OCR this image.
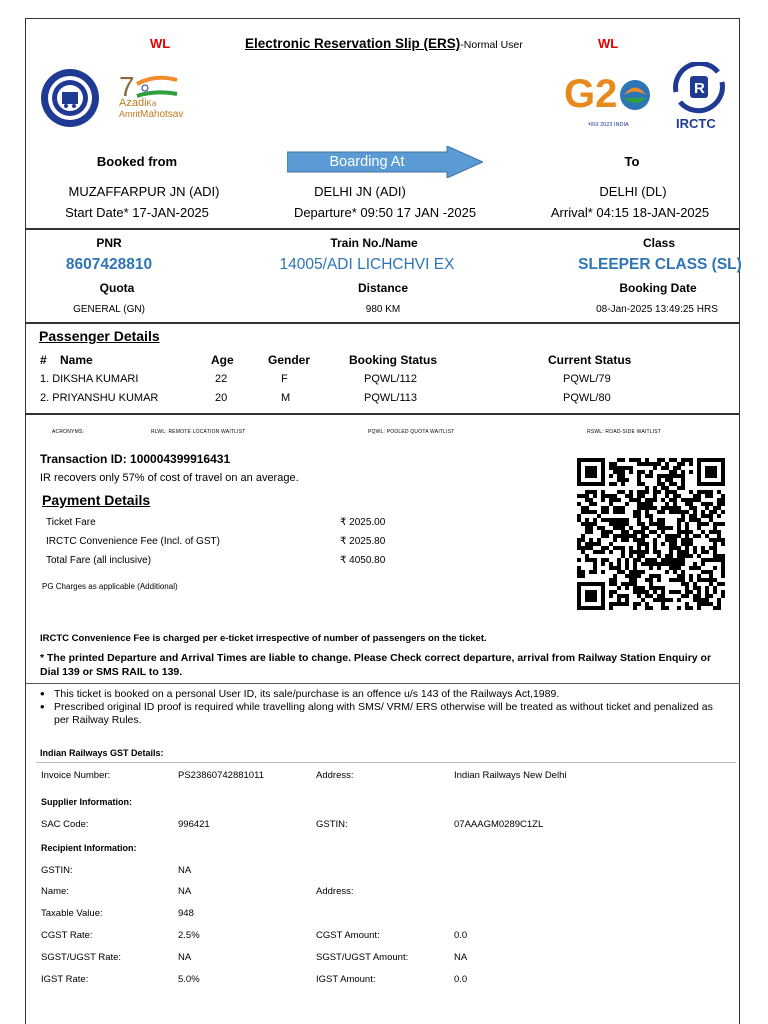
WL	Electronic Reservation Slip (ERS)-Normal User	WL
7
AzadiKa
AmritMahotsav	G2
भारत 2023 INDIA
R
IRCTC
Booked from	Boarding At	To
MUZAFFARPUR JN (ADI)	DELHI JN (ADI)	DELHI (DL)
Start Date* 17-JAN-2025	Departure* 09:50 17 JAN -2025	Arrival* 04:15 18-JAN-2025
PNR	Train No./Name	Class
8607428810	14005/ADI LICHCHVI EX	SLEEPER CLASS (SL)
Quota	Distance	Booking Date
GENERAL (GN)	980 KM	08-Jan-2025 13:49:25 HRS
Passenger Details
# Name	Age	Gender	Booking Status	Current Status
1. DIKSHA KUMARI	22	F	PQWL/112	PQWL/79
2. PRIYANSHU KUMAR	20	M	PQWL/113	PQWL/80
ACRONYMS:	RLWL: REMOTE LOCATION WAITLIST	PQWL: POOLED QUOTA WAITLIST	RSWL: ROAD-SIDE WAITLIST
Transaction ID: 100004399916431
IR recovers only 57% of cost of travel on an average.
Payment Details
Ticket Fare	₹ 2025.00
IRCTC Convenience Fee (Incl. of GST)	₹ 2025.80
Total Fare (all inclusive)	₹ 4050.80
PG Charges as applicable (Additional)
IRCTC Convenience Fee is charged per e-ticket irrespective of number of passengers on the ticket.
* The printed Departure and Arrival Times are liable to change. Please Check correct departure, arrival from Railway Station Enquiry or
Dial 139 or SMS RAIL to 139.
• This ticket is booked on a personal User ID, its sale/purchase is an offence u/s 143 of the Railways Act,1989.
• Prescribed original ID proof is required while travelling along with SMS/ VRM/ ERS otherwise will be treated as without ticket and penalized as per Railway Rules.
Indian Railways GST Details:
Invoice Number:	PS23860742881011	Address:	Indian Railways New Delhi
Supplier Information:
SAC Code:	996421	GSTIN:	07AAAGM0289C1ZL
Recipient Information:
GSTIN:	NA
Name:	NA	Address:
Taxable Value:	948
CGST Rate:	2.5%	CGST Amount:	0.0
SGST/UGST Rate:	NA	SGST/UGST Amount:	NA
IGST Rate:	5.0%	IGST Amount:	0.0
